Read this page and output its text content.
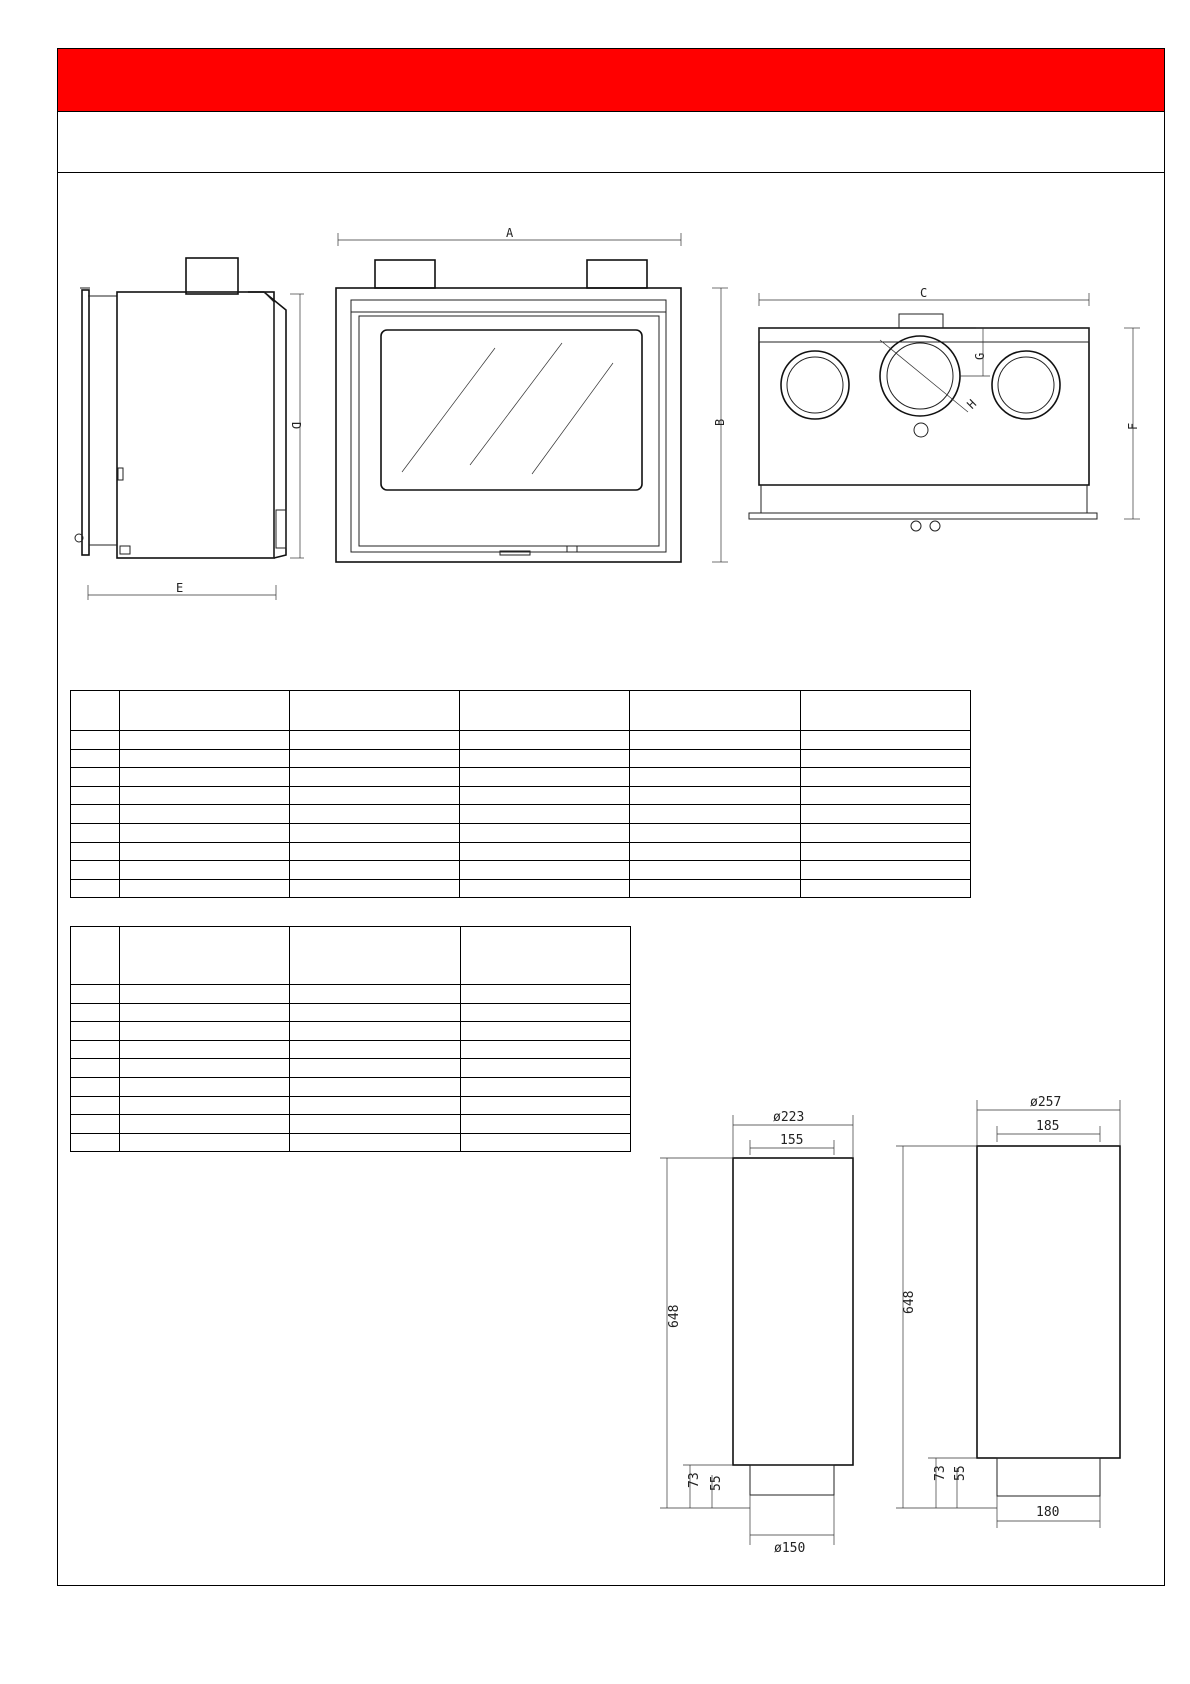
D
E
A
B
C
F
G
H
ø223
155
648
73 55
ø150
ø257
185
648
73 55
180
